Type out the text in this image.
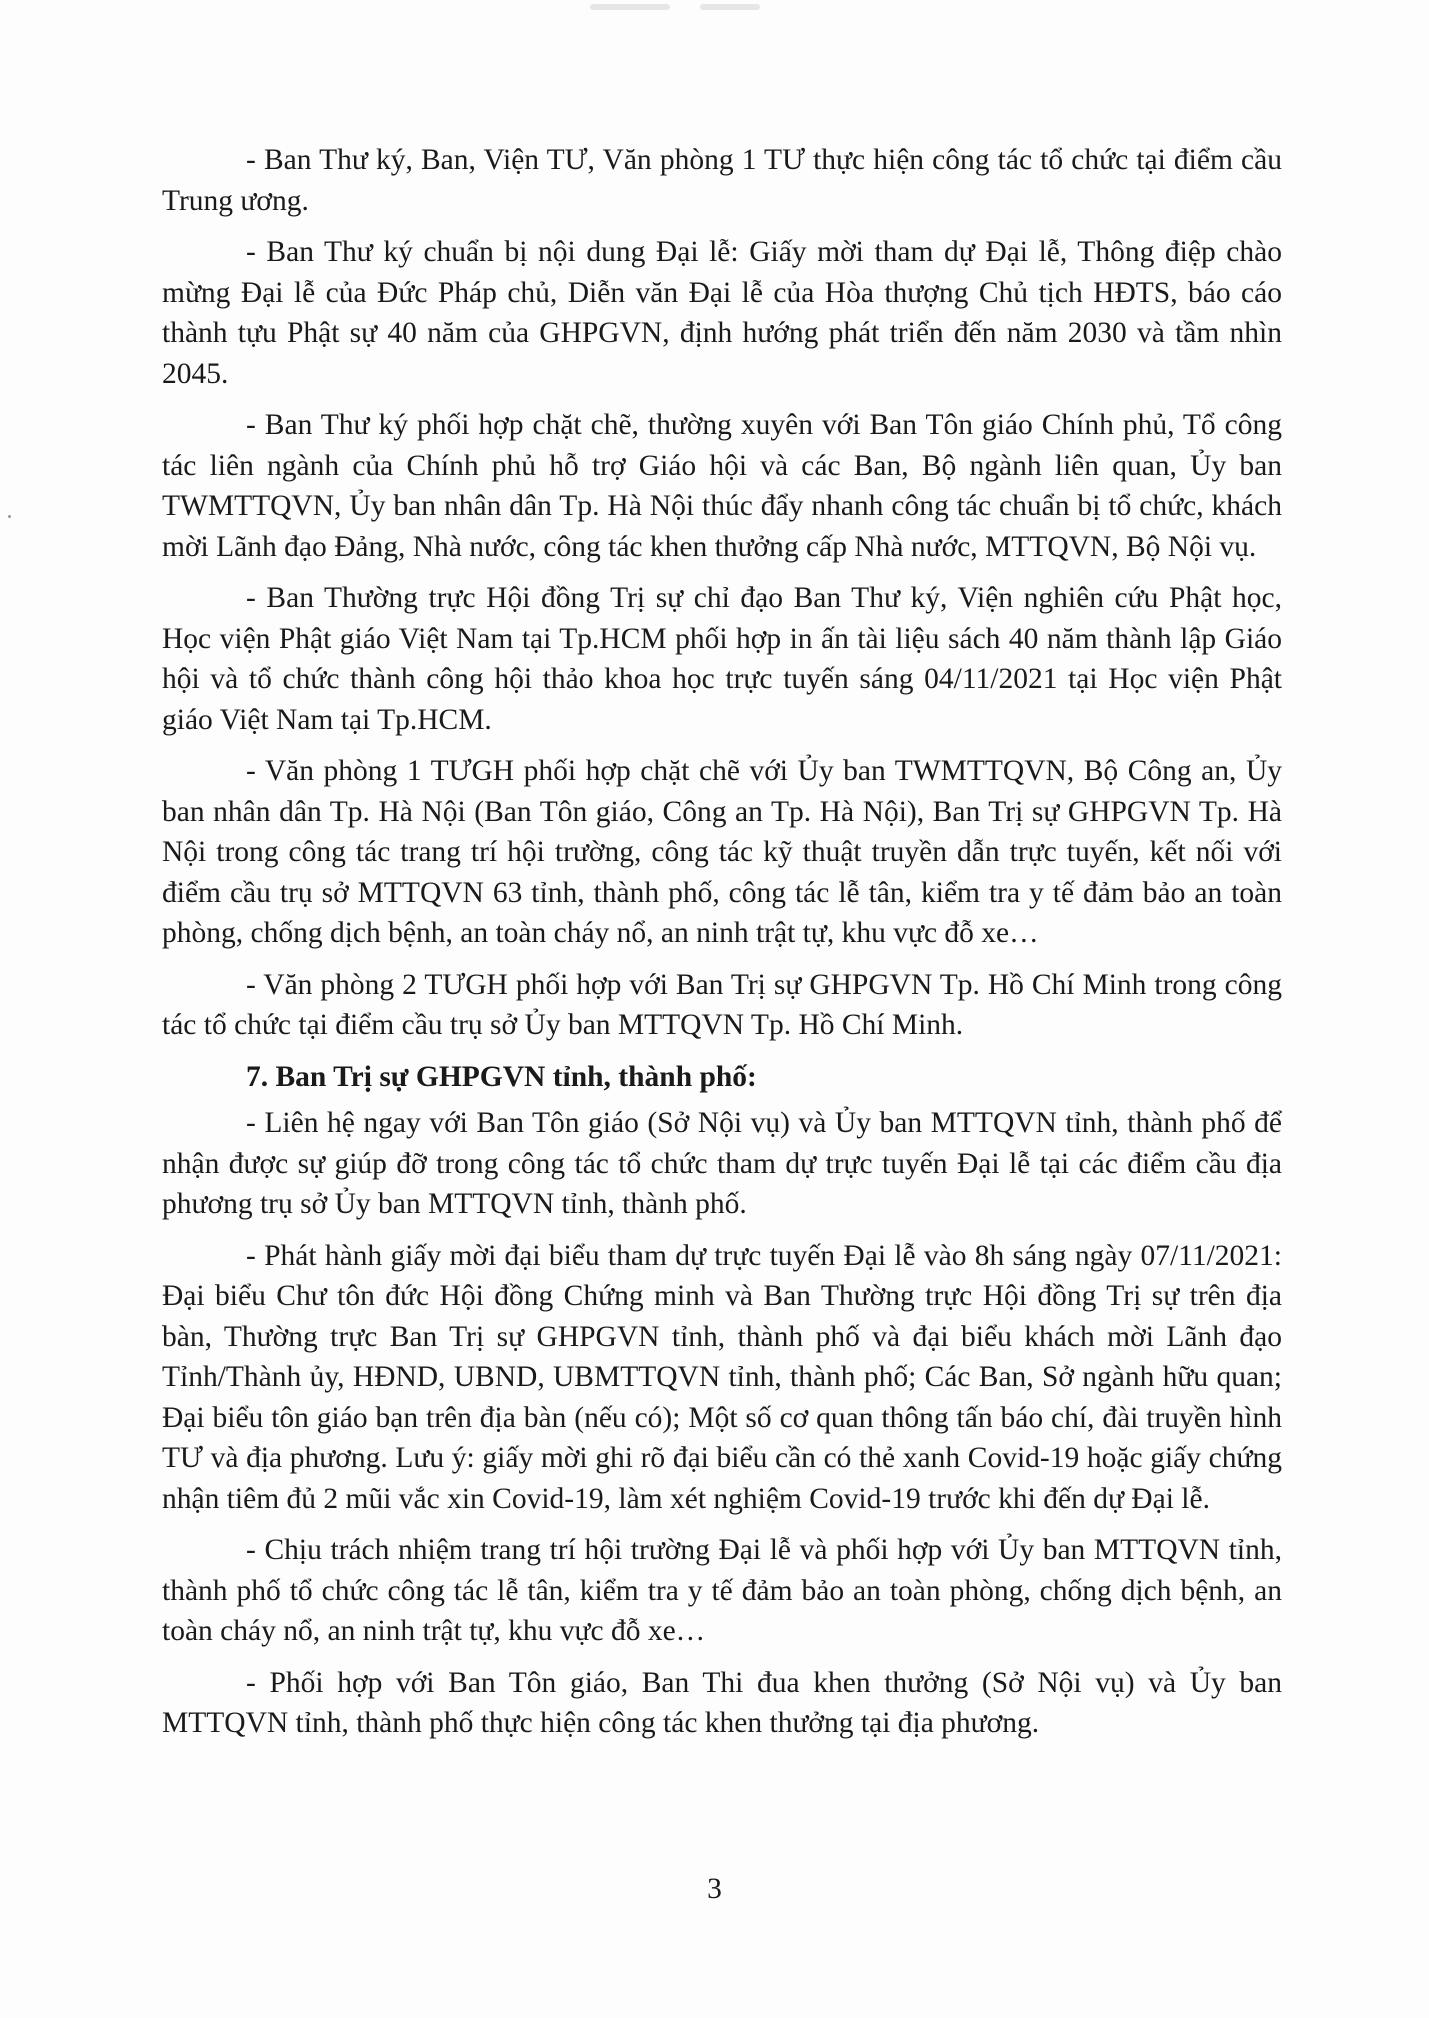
- Ban Thư ký, Ban, Viện TƯ, Văn phòng 1 TƯ thực hiện công tác tổ chức tại điểm cầu Trung ương.

- Ban Thư ký chuẩn bị nội dung Đại lễ: Giấy mời tham dự Đại lễ, Thông điệp chào mừng Đại lễ của Đức Pháp chủ, Diễn văn Đại lễ của Hòa thượng Chủ tịch HĐTS, báo cáo thành tựu Phật sự 40 năm của GHPGVN, định hướng phát triển đến năm 2030 và tầm nhìn 2045.

- Ban Thư ký phối hợp chặt chẽ, thường xuyên với Ban Tôn giáo Chính phủ, Tổ công tác liên ngành của Chính phủ hỗ trợ Giáo hội và các Ban, Bộ ngành liên quan, Ủy ban TWMTTQVN, Ủy ban nhân dân Tp. Hà Nội thúc đẩy nhanh công tác chuẩn bị tổ chức, khách mời Lãnh đạo Đảng, Nhà nước, công tác khen thưởng cấp Nhà nước, MTTQVN, Bộ Nội vụ.

- Ban Thường trực Hội đồng Trị sự chỉ đạo Ban Thư ký, Viện nghiên cứu Phật học, Học viện Phật giáo Việt Nam tại Tp.HCM phối hợp in ấn tài liệu sách 40 năm thành lập Giáo hội và tổ chức thành công hội thảo khoa học trực tuyến sáng 04/11/2021 tại Học viện Phật giáo Việt Nam tại Tp.HCM.

- Văn phòng 1 TƯGH phối hợp chặt chẽ với Ủy ban TWMTTQVN, Bộ Công an, Ủy ban nhân dân Tp. Hà Nội (Ban Tôn giáo, Công an Tp. Hà Nội), Ban Trị sự GHPGVN Tp. Hà Nội trong công tác trang trí hội trường, công tác kỹ thuật truyền dẫn trực tuyến, kết nối với điểm cầu trụ sở MTTQVN 63 tỉnh, thành phố, công tác lễ tân, kiểm tra y tế đảm bảo an toàn phòng, chống dịch bệnh, an toàn cháy nổ, an ninh trật tự, khu vực đỗ xe…

- Văn phòng 2 TƯGH phối hợp với Ban Trị sự GHPGVN Tp. Hồ Chí Minh trong công tác tổ chức tại điểm cầu trụ sở Ủy ban MTTQVN Tp. Hồ Chí Minh.

7. Ban Trị sự GHPGVN tỉnh, thành phố:

- Liên hệ ngay với Ban Tôn giáo (Sở Nội vụ) và Ủy ban MTTQVN tỉnh, thành phố để nhận được sự giúp đỡ trong công tác tổ chức tham dự trực tuyến Đại lễ tại các điểm cầu địa phương trụ sở Ủy ban MTTQVN tỉnh, thành phố.

- Phát hành giấy mời đại biểu tham dự trực tuyến Đại lễ vào 8h sáng ngày 07/11/2021: Đại biểu Chư tôn đức Hội đồng Chứng minh và Ban Thường trực Hội đồng Trị sự trên địa bàn, Thường trực Ban Trị sự GHPGVN tỉnh, thành phố và đại biểu khách mời Lãnh đạo Tỉnh/Thành ủy, HĐND, UBND, UBMTTQVN tỉnh, thành phố; Các Ban, Sở ngành hữu quan; Đại biểu tôn giáo bạn trên địa bàn (nếu có); Một số cơ quan thông tấn báo chí, đài truyền hình TƯ và địa phương. Lưu ý: giấy mời ghi rõ đại biểu cần có thẻ xanh Covid-19 hoặc giấy chứng nhận tiêm đủ 2 mũi vắc xin Covid-19, làm xét nghiệm Covid-19 trước khi đến dự Đại lễ.

- Chịu trách nhiệm trang trí hội trường Đại lễ và phối hợp với Ủy ban MTTQVN tỉnh, thành phố tổ chức công tác lễ tân, kiểm tra y tế đảm bảo an toàn phòng, chống dịch bệnh, an toàn cháy nổ, an ninh trật tự, khu vực đỗ xe…

- Phối hợp với Ban Tôn giáo, Ban Thi đua khen thưởng (Sở Nội vụ) và Ủy ban MTTQVN tỉnh, thành phố thực hiện công tác khen thưởng tại địa phương.

3
